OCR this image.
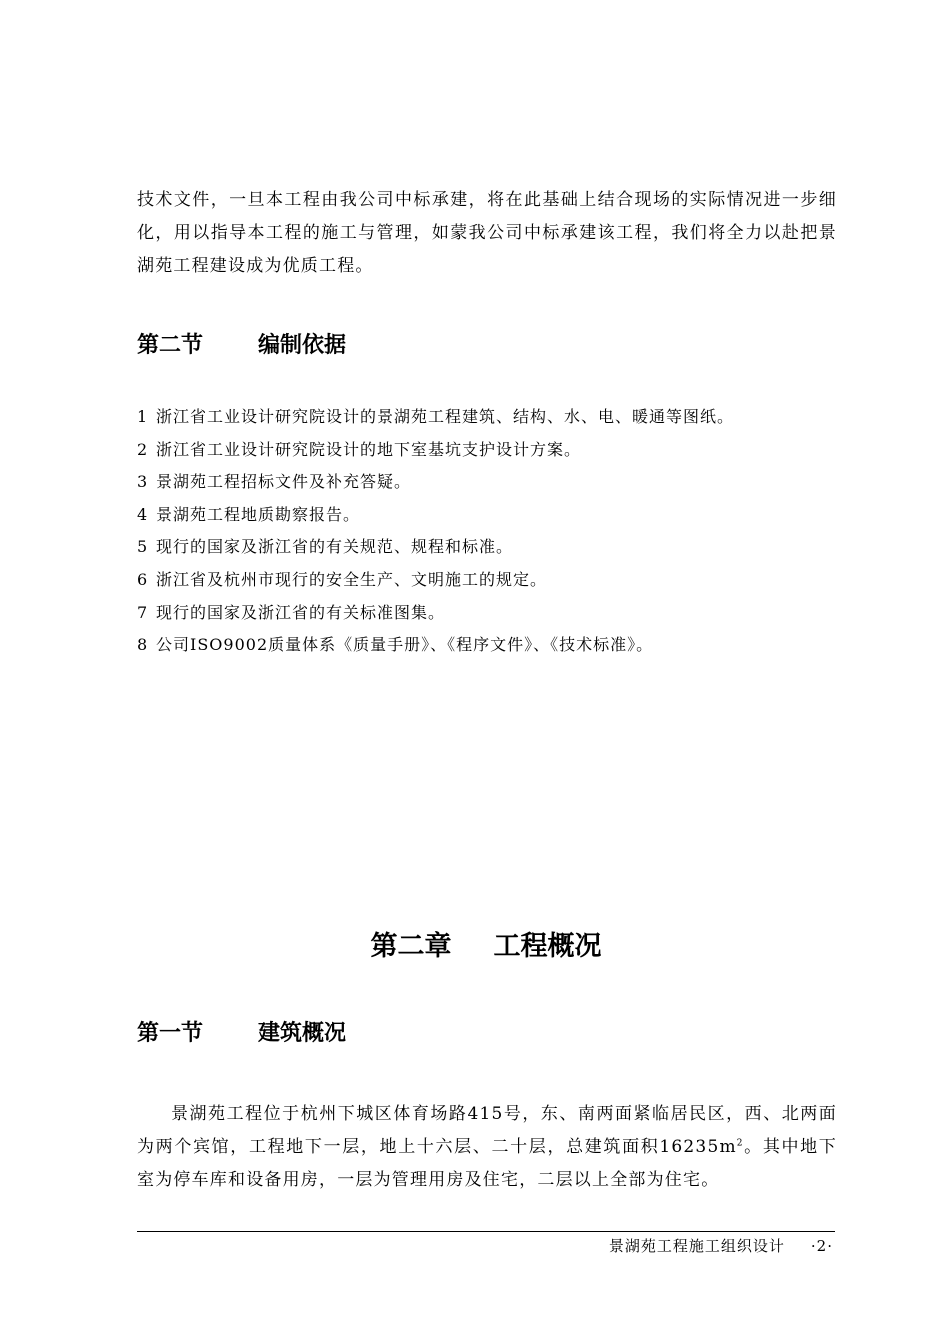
技术文件，一旦本工程由我公司中标承建，将在此基础上结合现场的实际情况进一步细化，用以指导本工程的施工与管理，如蒙我公司中标承建该工程，我们将全力以赴把景湖苑工程建设成为优质工程。

第二节 编制依据
1 浙江省工业设计研究院设计的景湖苑工程建筑、结构、水、电、暖通等图纸。
2 浙江省工业设计研究院设计的地下室基坑支护设计方案。
3 景湖苑工程招标文件及补充答疑。
4 景湖苑工程地质勘察报告。
5 现行的国家及浙江省的有关规范、规程和标准。
6 浙江省及杭州市现行的安全生产、文明施工的规定。
7 现行的国家及浙江省的有关标准图集。
8 公司ISO9002质量体系《质量手册》、《程序文件》、《技术标准》。
第二章 工程概况
第一节 建筑概况

景湖苑工程位于杭州下城区体育场路415号，东、南两面紧临居民区，西、北两面为两个宾馆，工程地下一层，地上十六层、二十层，总建筑面积$16235m^2$。其中地下室为停车库和设备用房，一层为管理用房及住宅，二层以上全部为住宅。

景湖苑工程施工组织设计 ·2·
